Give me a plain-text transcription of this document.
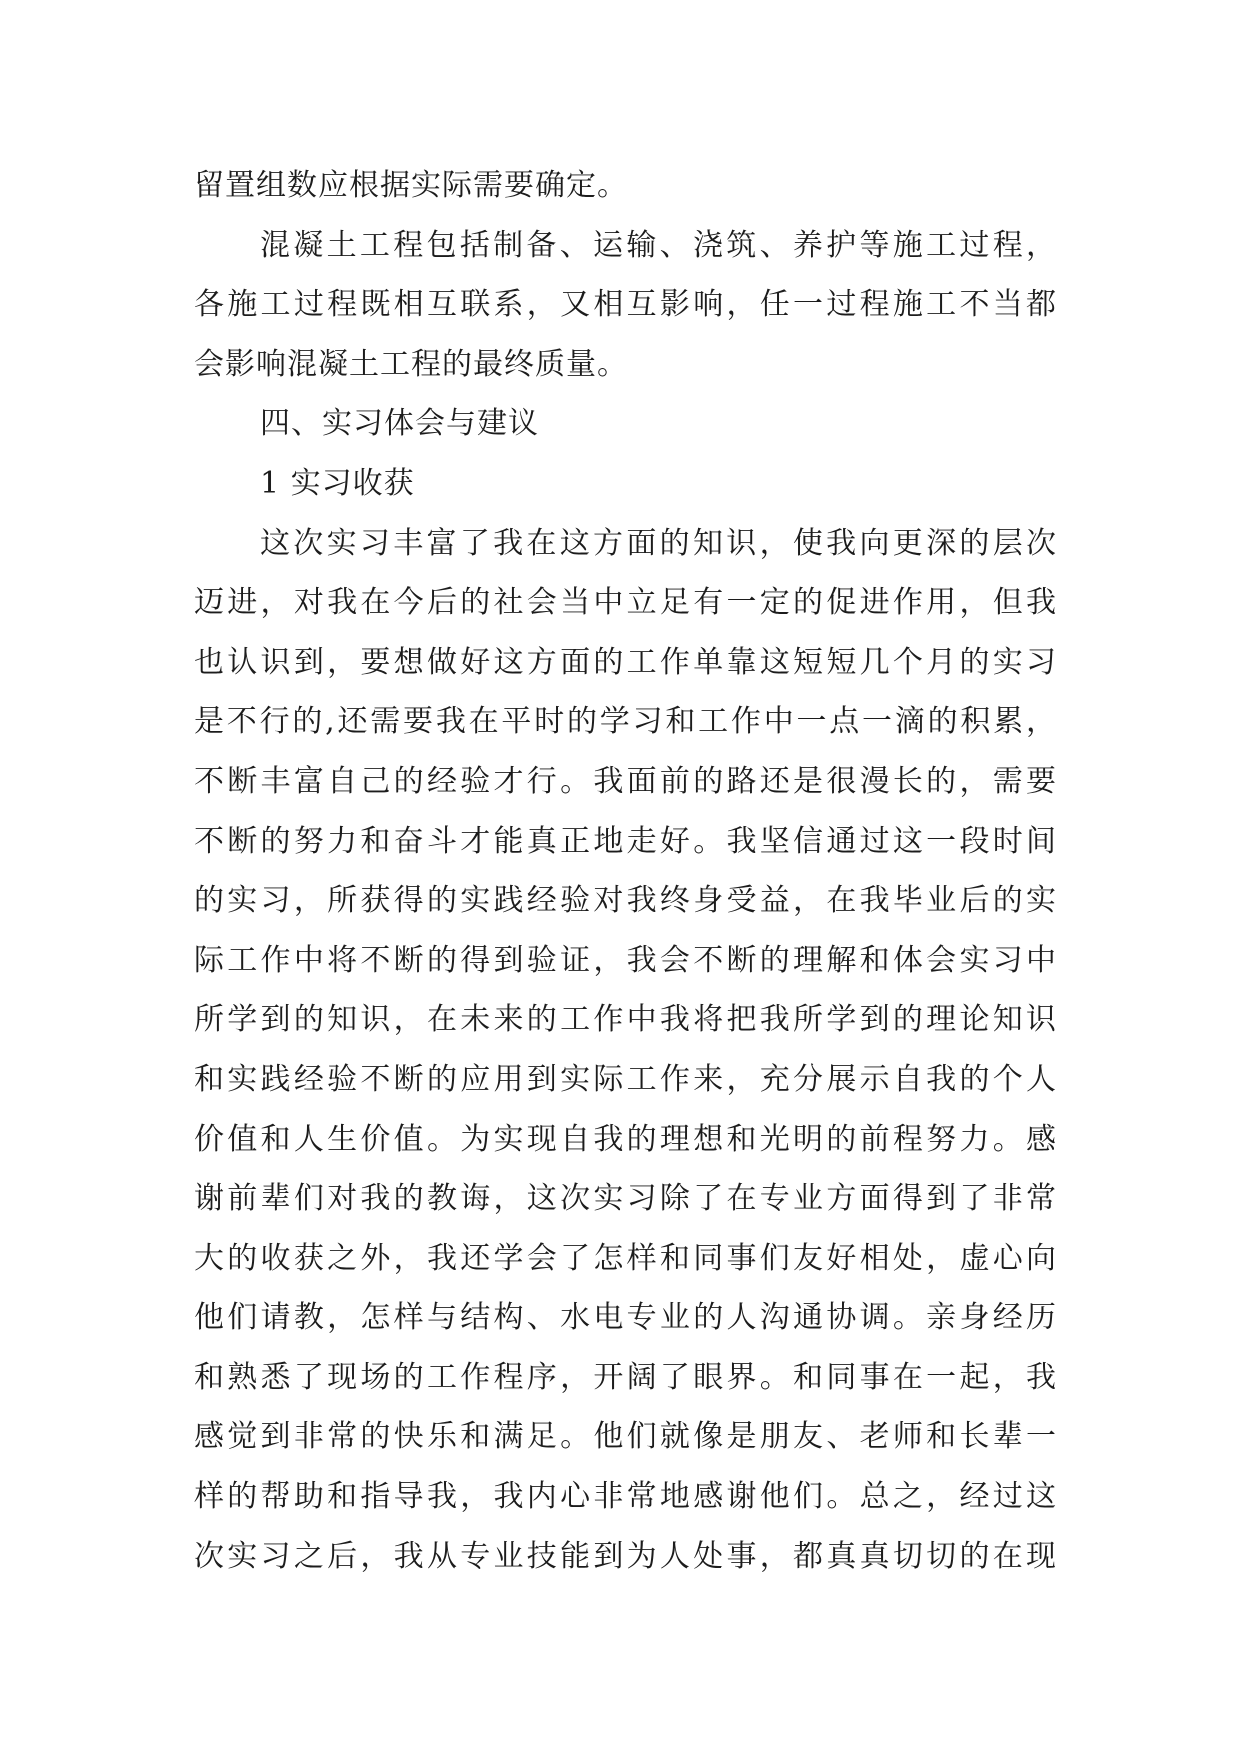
留置组数应根据实际需要确定。
混凝土工程包括制备、运输、浇筑、养护等施工过程，
各施工过程既相互联系，又相互影响，任一过程施工不当都
会影响混凝土工程的最终质量。
四、实习体会与建议
1 实习收获
这次实习丰富了我在这方面的知识，使我向更深的层次
迈进，对我在今后的社会当中立足有一定的促进作用，但我
也认识到，要想做好这方面的工作单靠这短短几个月的实习
是不行的,还需要我在平时的学习和工作中一点一滴的积累，
不断丰富自己的经验才行。我面前的路还是很漫长的，需要
不断的努力和奋斗才能真正地走好。我坚信通过这一段时间
的实习，所获得的实践经验对我终身受益，在我毕业后的实
际工作中将不断的得到验证，我会不断的理解和体会实习中
所学到的知识，在未来的工作中我将把我所学到的理论知识
和实践经验不断的应用到实际工作来，充分展示自我的个人
价值和人生价值。为实现自我的理想和光明的前程努力。感
谢前辈们对我的教诲，这次实习除了在专业方面得到了非常
大的收获之外，我还学会了怎样和同事们友好相处，虚心向
他们请教，怎样与结构、水电专业的人沟通协调。亲身经历
和熟悉了现场的工作程序，开阔了眼界。和同事在一起，我
感觉到非常的快乐和满足。他们就像是朋友、老师和长辈一
样的帮助和指导我，我内心非常地感谢他们。总之，经过这
次实习之后，我从专业技能到为人处事，都真真切切的在现
